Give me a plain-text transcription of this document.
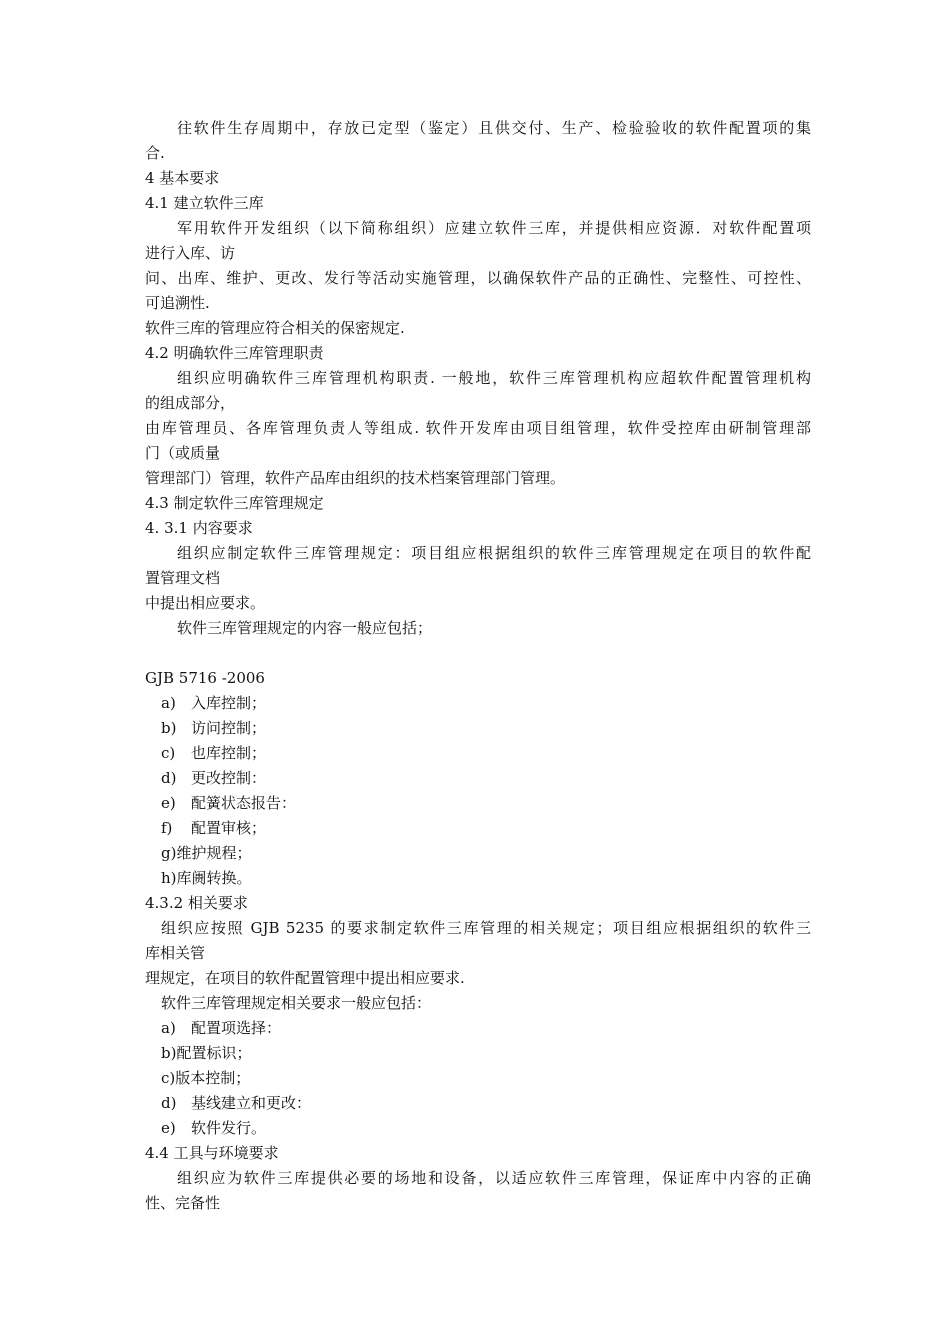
往软件生存周期中，存放已定型（鉴定）且供交付、生产、检验验收的软件配置项的集
合.
4 基本要求
4.1 建立软件三库
军用软件开发组织（以下简称组织）应建立软件三库，并提供相应资源．对软件配置项
进行入库、访
问、出库、维护、更改、发行等活动实施管理，以确保软件产品的正确性、完整性、可控性、
可追溯性.
软件三库的管理应符合相关的保密规定.
4.2 明确软件三库管理职责
组织应明确软件三库管理机构职责. 一般地，软件三库管理机构应超软件配置管理机构
的组成部分，
由库管理员、各库管理负责人等组成. 软件开发库由项目组管理，软件受控库由研制管理部
门（或质量
管理部门）管理，软件产品库由组织的技术档案管理部门管理。
4.3 制定软件三库管理规定
4. 3.1 内容要求
组织应制定软件三库管理规定：项目组应根据组织的软件三库管理规定在项目的软件配
置管理文档
中提出相应要求。
软件三库管理规定的内容一般应包括；
GJB 5716 -2006
a) 入库控制；
b) 访问控制；
c) 也库控制；
d) 更改控制：
e) 配簧状态报告：
f) 配置审核；
g)维护规程；
h)库阓转换。
4.3.2 相关要求
组织应按照 GJB 5235 的要求制定软件三库管理的相关规定；项目组应根据组织的软件三
库相关管
理规定，在项目的软件配置管理中提出相应要求.
软件三库管理规定相关要求一般应包括：
a) 配置项选择：
b)配置标识；
c)版本控制；
d) 基线建立和更改：
e) 软件发行。
4.4 工具与环境要求
组织应为软件三库提供必要的场地和设备，以适应软件三库管理，保证库中内容的正确
性、完备性
